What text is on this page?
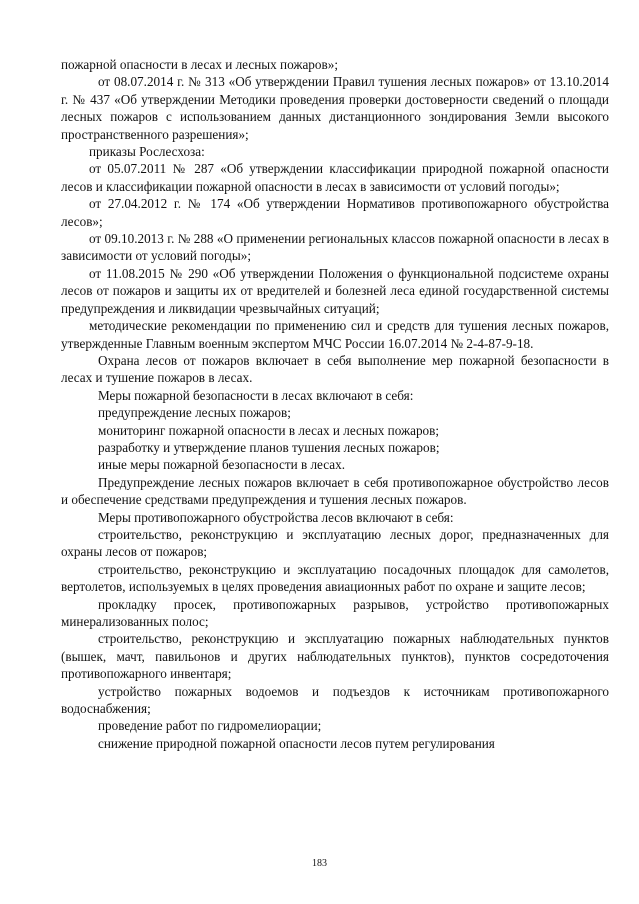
пожарной опасности в лесах и лесных пожаров»;

от 08.07.2014 г. № 313 «Об утверждении Правил тушения лесных пожаров» от 13.10.2014 г. № 437 «Об утверждении Методики проведения проверки достоверности сведений о площади лесных пожаров с использованием данных дистанционного зондирования Земли высокого пространственного разрешения»;

приказы Рослесхоза:

от 05.07.2011 № 287 «Об утверждении классификации природной пожарной опасности лесов и классификации пожарной опасности в лесах в зависимости от условий погоды»;

от 27.04.2012 г. № 174 «Об утверждении Нормативов противопожарного обустройства лесов»;

от 09.10.2013 г. № 288 «О применении региональных классов пожарной опасности в лесах в зависимости от условий погоды»;

от 11.08.2015 № 290 «Об утверждении Положения о функциональной подсистеме охраны лесов от пожаров и защиты их от вредителей и болезней леса единой государственной системы предупреждения и ликвидации чрезвычайных ситуаций;

методические рекомендации по применению сил и средств для тушения лесных пожаров, утвержденные Главным военным экспертом МЧС России 16.07.2014 № 2-4-87-9-18.

Охрана лесов от пожаров включает в себя выполнение мер пожарной безопасности в лесах и тушение пожаров в лесах.

Меры пожарной безопасности в лесах включают в себя:

предупреждение лесных пожаров;

мониторинг пожарной опасности в лесах и лесных пожаров;

разработку и утверждение планов тушения лесных пожаров;

иные меры пожарной безопасности в лесах.

Предупреждение лесных пожаров включает в себя противопожарное обустройство лесов и обеспечение средствами предупреждения и тушения лесных пожаров.

Меры противопожарного обустройства лесов включают в себя:

строительство, реконструкцию и эксплуатацию лесных дорог, предназначенных для охраны лесов от пожаров;

строительство, реконструкцию и эксплуатацию посадочных площадок для самолетов, вертолетов, используемых в целях проведения авиационных работ по охране и защите лесов;

прокладку просек, противопожарных разрывов, устройство противопожарных минерализованных полос;

строительство, реконструкцию и эксплуатацию пожарных наблюдательных пунктов (вышек, мачт, павильонов и других наблюдательных пунктов), пунктов сосредоточения противопожарного инвентаря;

устройство пожарных водоемов и подъездов к источникам противопожарного водоснабжения;

проведение работ по гидромелиорации;

снижение природной пожарной опасности лесов путем регулирования

183
